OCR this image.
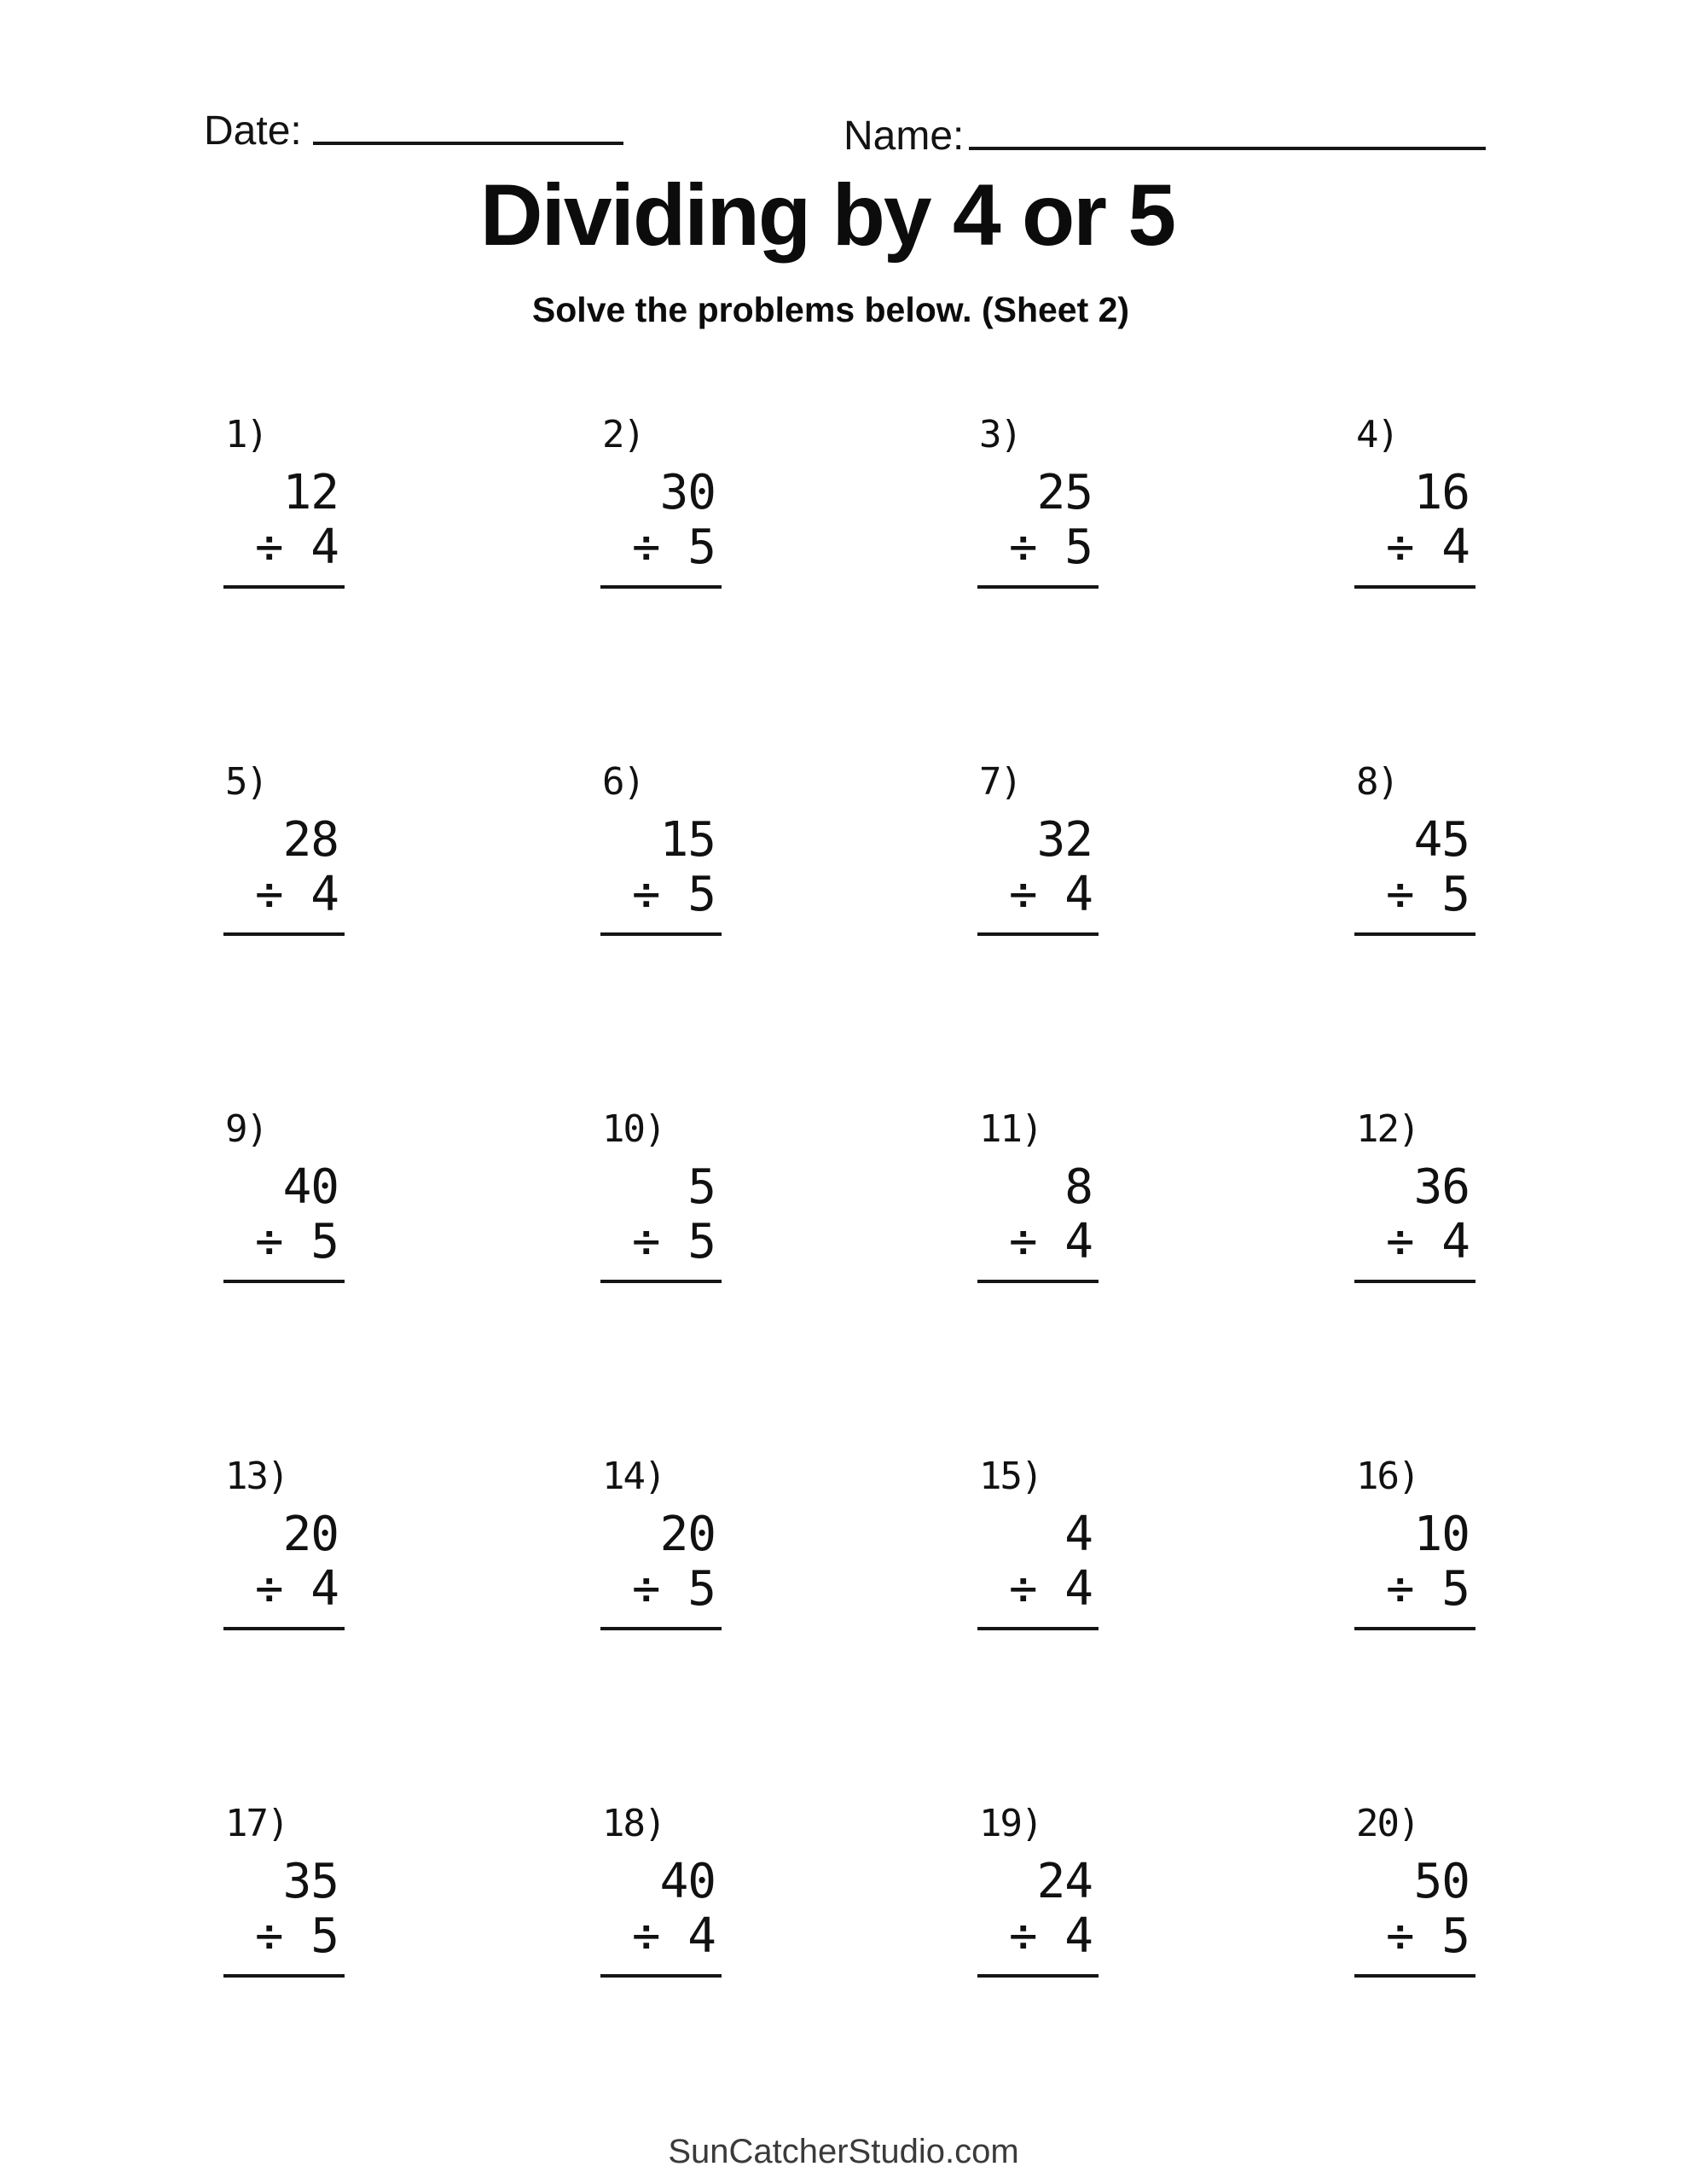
Date:	Name:
Dividing by 4 or 5
Solve the problems below. (Sheet 2)
1)
12
÷ 4
2)
30
÷ 5
3)
25
÷ 5
4)
16
÷ 4
5)
28
÷ 4
6)
15
÷ 5
7)
32
÷ 4
8)
45
÷ 5
9)
40
÷ 5
10)
5
÷ 5
11)
8
÷ 4
12)
36
÷ 4
13)
20
÷ 4
14)
20
÷ 5
15)
4
÷ 4
16)
10
÷ 5
17)
35
÷ 5
18)
40
÷ 4
19)
24
÷ 4
20)
50
÷ 5
SunCatcherStudio.com
